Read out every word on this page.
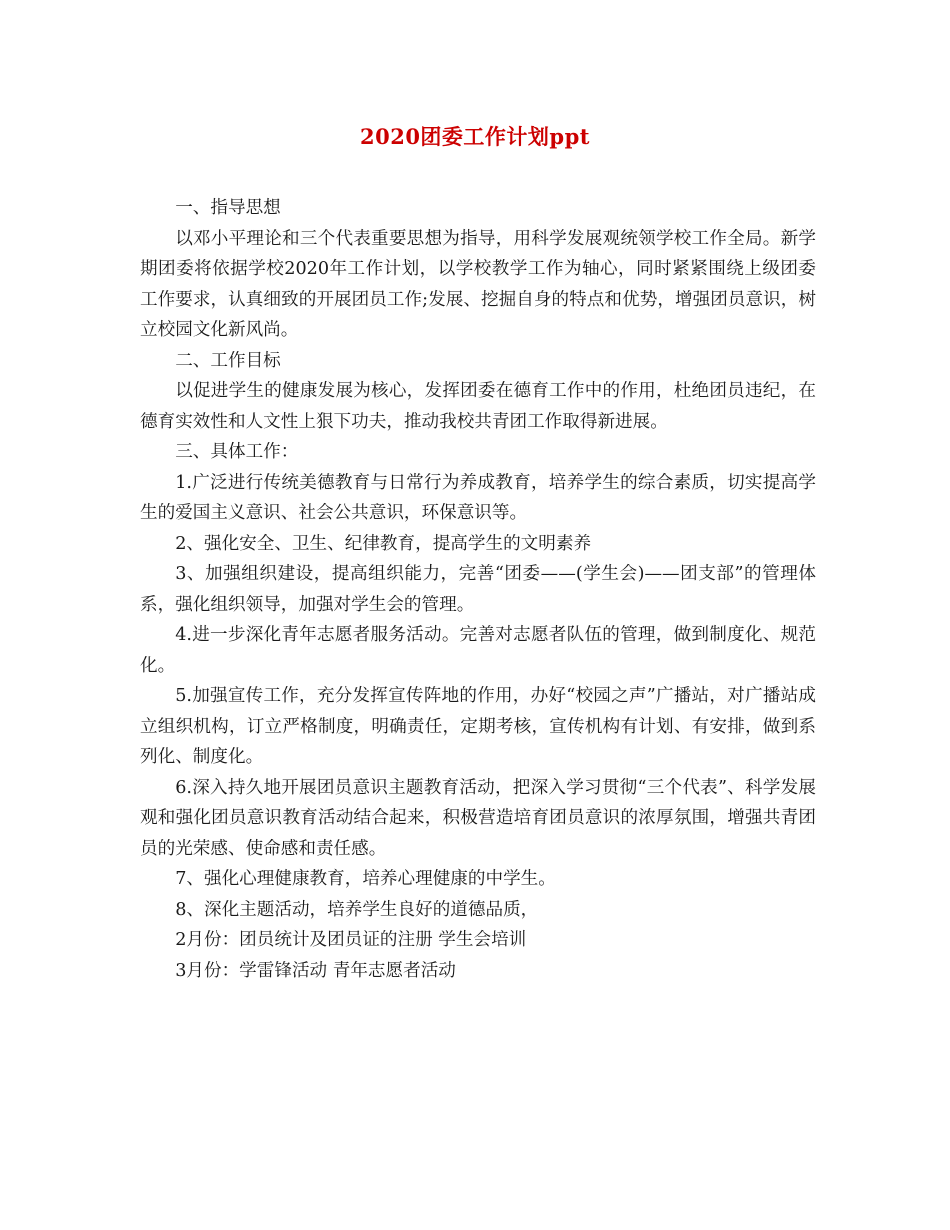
2020团委工作计划ppt

一、指导思想

以邓小平理论和三个代表重要思想为指导，用科学发展观统领学校工作全局。新学期团委将依据学校2020年工作计划，以学校教学工作为轴心，同时紧紧围绕上级团委工作要求，认真细致的开展团员工作;发展、挖掘自身的特点和优势，增强团员意识，树立校园文化新风尚。

二、工作目标

以促进学生的健康发展为核心，发挥团委在德育工作中的作用，杜绝团员违纪，在德育实效性和人文性上狠下功夫，推动我校共青团工作取得新进展。

三、具体工作：

1.广泛进行传统美德教育与日常行为养成教育，培养学生的综合素质，切实提高学生的爱国主义意识、社会公共意识，环保意识等。

2、强化安全、卫生、纪律教育，提高学生的文明素养

3、加强组织建设，提高组织能力，完善“团委——(学生会)——团支部”的管理体系，强化组织领导，加强对学生会的管理。

4.进一步深化青年志愿者服务活动。完善对志愿者队伍的管理，做到制度化、规范化。

5.加强宣传工作，充分发挥宣传阵地的作用，办好“校园之声”广播站，对广播站成立组织机构，订立严格制度，明确责任，定期考核，宣传机构有计划、有安排，做到系列化、制度化。

6.深入持久地开展团员意识主题教育活动，把深入学习贯彻“三个代表”、科学发展观和强化团员意识教育活动结合起来，积极营造培育团员意识的浓厚氛围，增强共青团员的光荣感、使命感和责任感。

7、强化心理健康教育，培养心理健康的中学生。

8、深化主题活动，培养学生良好的道德品质，

2月份：团员统计及团员证的注册 学生会培训

3月份：学雷锋活动 青年志愿者活动
